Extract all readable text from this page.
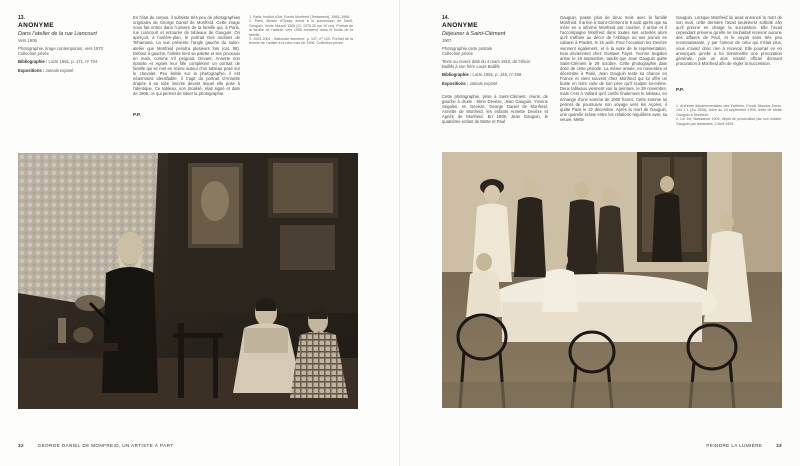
13.
ANONYME
Dans l’atelier de la rue Liancourt
Vers 1906
Photographie, tirage contemporain, vers 1970
Collection privée
Bibliographie : Loize 1951, p. 171, nº 704
Expositions : Jamais exposé
En l’état du corpus, il subsiste très peu de photographies originales de George Daniel de Monfreid. Cette image nous fait entrer dans l’univers de la famille qui, à Paris, rue Liancourt et entourée de tableaux de Gauguin. On aperçoit, à l’arrière-plan, le portrait Des ondines de Tehamana. La vue présente l’angle gauche du salon-atelier que Monfreid peindra plusieurs fois (cat. 98). Debout à gauche, l’artiste tient sa palette et ses pinceaux en main, comme s’il peignait. Devant, Annette son épouse et Agnès leur fille complètent un portrait de famille qui se met en scène autour d’un tableau posé sur le chevalet. Peu lisible sur la photographie, il est néanmoins identifiable, il s’agit du portrait d’Annette drapée à sa robe inscrite devant lequel elle pose à l’identique. Ce tableau, non localisé, était signé et daté de 1906, ce qui permet de situer la photographie.
P.P.
1. Paris, Institut d’Art, Fonds Monfreid (Testament), 1965–1966.
2. Paris, Musée d’Orsay, achat à la succession de Tahiti, Gauguin, Vente Nouvel 1906 (Cl. 1978 20 sur 10 cm). Portrait de la famille de l’artiste, vers 1906 conservé dans le fonds de la famille.
3. 2003-2004 : Nationale demeure, p. 147, nº 100. Portrait de la femme de l’artiste à la robe rose de 1906, Collection privée.
32	GEORGE DANIEL DE MONFREID, UN ARTISTE À PART
14.
ANONYME
Déjeuner à Saint-Clément
1907
Photographie carte postale
Collection privée
Texte au revers daté du 4 mars 1910, de Félicie Baillifs à son frère Louis Baillifs
Bibliographie : Loize 1951, p. 145, nº 468
Expositions : Jamais exposé
Cette photographie, prise à Saint-Clément, réunit, de gauche à droite : Mme Devèze, Jean Gauguin, Yvonne Segalen, M. Devèze, George Daniel de Monfreid, Annette de Monfreid, les enfants Annette Devèze et Agnès de Monfreid. En 1909, Jean Gauguin, le quatrième enfant de Mette et Paul
Gauguin, passe plus de deux mois avec la famille Monfreid. Il arrive à Saint-Clément le 9 août après que sa mère en a informé Monfreid par courrier, il arrive et il l’accompagne Monfreid dans toutes ses activités alors qu’il s’affaire au décor de l’Abbaye où ses jeunes en cabane à Prades, le 15 août. Pour l’occasion les Devèze viennent également, et à la suite de la représentation, tous deviennent chez Gustave Fayet. Yvonne Segalen arrive le 16 septembre, tandis que Jean Gauguin quitte Saint-Clément le 29 octobre. Cette photographie date donc de cette période. La même année, en novembre et décembre à Paris, Jean Gauguin tente sa chance en France et vient souvent chez Monfreid qui lui offre un buste en terre cuite de son père qu’il sculpte lui-même. Deux tableaux viennent voir la peinture, le 29 novembre, mais c’est à Vollard qu’il confie finalement le tableau, en échange d’une somme de 1000 francs. Cette somme lui permet de poursuivre son voyage vers les Açores, il quitte Paris le 22 décembre. Après la mort de Gauguin, une querelle éclate entre les relations régulières avec sa veuve, Mette
Gauguin. Lorsque Monfreid lui avait annoncé la mort de son mari, cette dernière l’avait seulement sollicité afin qu’il prenne en charge la succession. Elle l’avait cependant prévenu qu’elle ne souhaitait recevoir aucune des affaires de Paul, et le voyait sans très peu reconnaissante, y par l’amour de celui qui n’était plus, vous n’aviez donc rien à recevoir. Elle pourrait en en annonçant qu’elle a lui transmettre une procuration générale, puis un acte notarié officiel donnant procuration à Monfreid afin de régler la succession.
P.P.
1. Archives départementales des Yvelines, Fonds Maurice Denis, 144 J 1 (Au 1908), lettre du 24 septembre 1909, lettre de Mette Gauguin à Monfreid.
2. Loi 1m, Naissance 1909, dépôt de procuration par son notaire, Gauguin par testament, 2 Avril 1909.
PEINDRE LA LUMIÈRE	33
